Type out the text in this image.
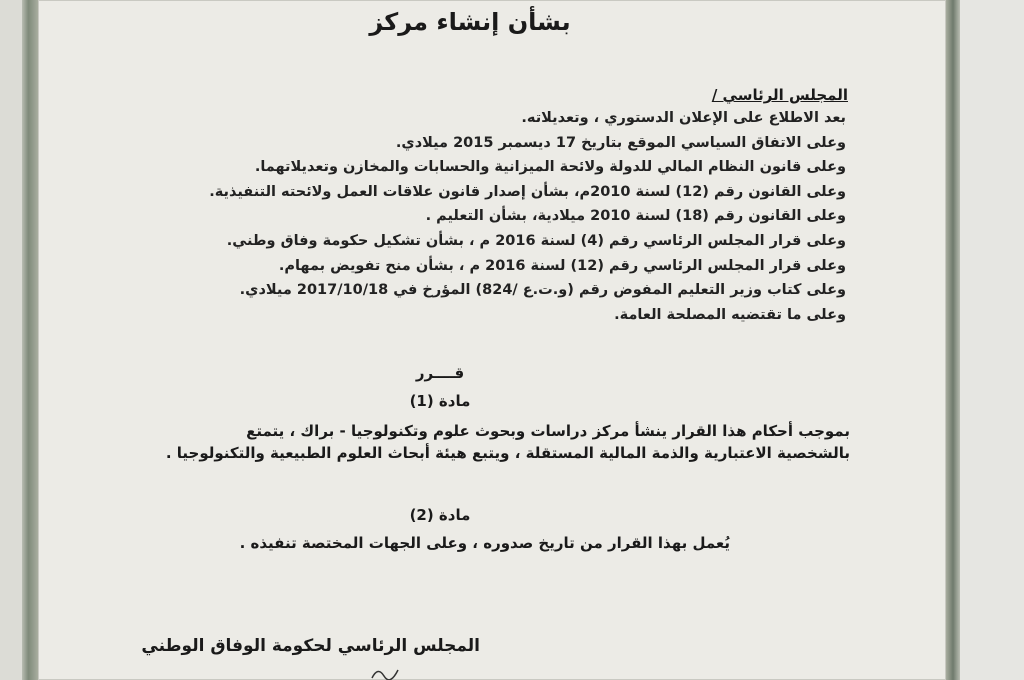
بشأن إنشاء مركز
المجلس الرئاسي /
بعد الاطلاع على الإعلان الدستوري ، وتعديلاته.
وعلى الاتفاق السياسي الموقع بتاريخ 17 ديسمبر 2015 ميلادي.
وعلى قانون النظام المالي للدولة ولائحة الميزانية والحسابات والمخازن وتعديلاتهما.
وعلى القانون رقم (12) لسنة 2010م، بشأن إصدار قانون علاقات العمل ولائحته التنفيذية.
وعلى القانون رقم (18) لسنة 2010 ميلادية، بشأن التعليم .
وعلى قرار المجلس الرئاسي رقم (4) لسنة 2016 م ، بشأن تشكيل حكومة وفاق وطني.
وعلى قرار المجلس الرئاسي رقم (12) لسنة 2016 م ، بشأن منح تفويض بمهام.
وعلى كتاب وزير التعليم المفوض رقم (و.ت.ع /824) المؤرخ في 2017/10/18 ميلادي.
وعلى ما تقتضيه المصلحة العامة.
قــــرر
مادة (1)
بموجب أحكام هذا القرار ينشأ مركز دراسات وبحوث علوم وتكنولوجيا - براك ، يتمتع
بالشخصية الاعتبارية والذمة المالية المستقلة ، ويتبع هيئة أبحاث العلوم الطبيعية والتكنولوجيا .
مادة (2)
يُعمل بهذا القرار من تاريخ صدوره ، وعلى الجهات المختصة تنفيذه .
المجلس الرئاسي لحكومة الوفاق الوطني
